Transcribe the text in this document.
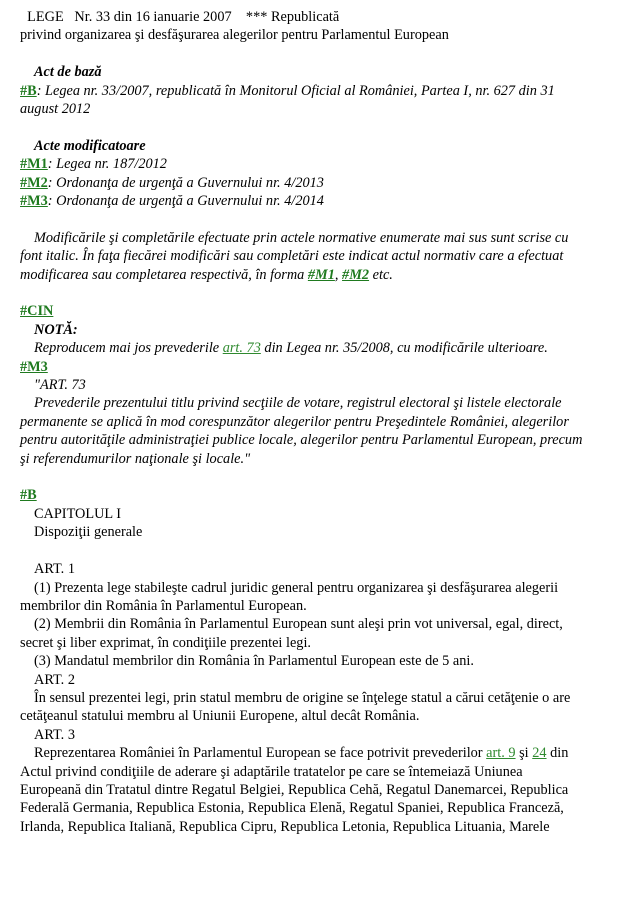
LEGE   Nr. 33 din 16 ianuarie 2007    *** Republicată
privind organizarea şi desfăşurarea alegerilor pentru Parlamentul European
Act de bază
#B: Legea nr. 33/2007, republicată în Monitorul Oficial al României, Partea I, nr. 627 din 31
august 2012
Acte modificatoare
#M1: Legea nr. 187/2012
#M2: Ordonanţa de urgenţă a Guvernului nr. 4/2013
#M3: Ordonanţa de urgenţă a Guvernului nr. 4/2014
Modificările şi completările efectuate prin actele normative enumerate mai sus sunt scrise cu
font italic. În faţa fiecărei modificări sau completări este indicat actul normativ care a efectuat
modificarea sau completarea respectivă, în forma #M1, #M2 etc.
#CIN
NOTĂ:
Reproducem mai jos prevederile art. 73 din Legea nr. 35/2008, cu modificările ulterioare.
#M3
"ART. 73
Prevederile prezentului titlu privind secţiile de votare, registrul electoral şi listele electorale
permanente se aplică în mod corespunzător alegerilor pentru Preşedintele României, alegerilor
pentru autorităţile administraţiei publice locale, alegerilor pentru Parlamentul European, precum
şi referendumurilor naţionale şi locale."
#B
CAPITOLUL I
Dispoziţii generale
ART. 1
(1) Prezenta lege stabileşte cadrul juridic general pentru organizarea şi desfăşurarea alegerii
membrilor din România în Parlamentul European.
(2) Membrii din România în Parlamentul European sunt aleşi prin vot universal, egal, direct,
secret şi liber exprimat, în condiţiile prezentei legi.
(3) Mandatul membrilor din România în Parlamentul European este de 5 ani.
ART. 2
În sensul prezentei legi, prin statul membru de origine se înţelege statul a cărui cetăţenie o are
cetăţeanul statului membru al Uniunii Europene, altul decât România.
ART. 3
Reprezentarea României în Parlamentul European se face potrivit prevederilor art. 9 şi 24 din
Actul privind condiţiile de aderare şi adaptările tratatelor pe care se întemeiază Uniunea
Europeană din Tratatul dintre Regatul Belgiei, Republica Cehă, Regatul Danemarcei, Republica
Federală Germania, Republica Estonia, Republica Elenă, Regatul Spaniei, Republica Franceză,
Irlanda, Republica Italiană, Republica Cipru, Republica Letonia, Republica Lituania, Marele
